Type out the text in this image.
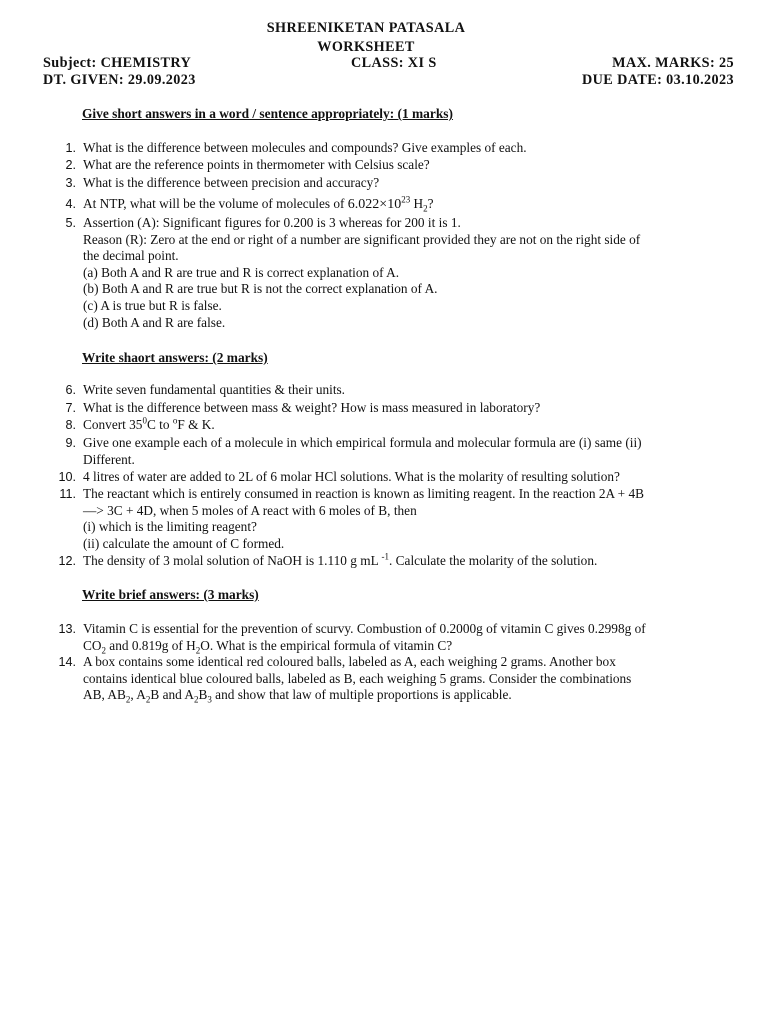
SHREENIKETAN PATASALA
WORKSHEET
Subject: CHEMISTRY	CLASS: XI S	MAX. MARKS: 25
DT. GIVEN: 29.09.2023	DUE DATE: 03.10.2023
Give short answers in a word / sentence appropriately: (1 marks)
1. What is the difference between molecules and compounds? Give examples of each.
2. What are the reference points in thermometer with Celsius scale?
3. What is the difference between precision and accuracy?
4. At NTP, what will be the volume of molecules of $6.022\times 10^{23}$ $H_2$?
5. Assertion (A): Significant figures for 0.200 is 3 whereas for 200 it is 1.
Reason (R): Zero at the end or right of a number are significant provided they are not on the right side of
the decimal point.
(a) Both A and R are true and R is correct explanation of A.
(b) Both A and R are true but R is not the correct explanation of A.
(c) A is true but R is false.
(d) Both A and R are false.
Write shaort answers: (2 marks)
6. Write seven fundamental quantities & their units.
7. What is the difference between mass & weight? How is mass measured in laboratory?
8. Convert $35^0C$ to $^o$F & K.
9. Give one example each of a molecule in which empirical formula and molecular formula are (i) same (ii)
Different.
10. 4 litres of water are added to 2L of 6 molar HCl solutions. What is the molarity of resulting solution?
11. The reactant which is entirely consumed in reaction is known as limiting reagent. In the reaction 2A + 4B
—> 3C + 4D, when 5 moles of A react with 6 moles of B, then
(i) which is the limiting reagent?
(ii) calculate the amount of C formed.
12. The density of 3 molal solution of NaOH is 1.110 g mL $^{-1}$. Calculate the molarity of the solution.
Write brief answers: (3 marks)
13. Vitamin C is essential for the prevention of scurvy. Combustion of 0.2000g of vitamin C gives 0.2998g of
$CO_2$ and 0.819g of $H_2O$. What is the empirical formula of vitamin C?
14. A box contains some identical red coloured balls, labeled as A, each weighing 2 grams. Another box
contains identical blue coloured balls, labeled as B, each weighing 5 grams. Consider the combinations
AB, $AB_2$, $A_2B$ and $A_2B_3$ and show that law of multiple proportions is applicable.
